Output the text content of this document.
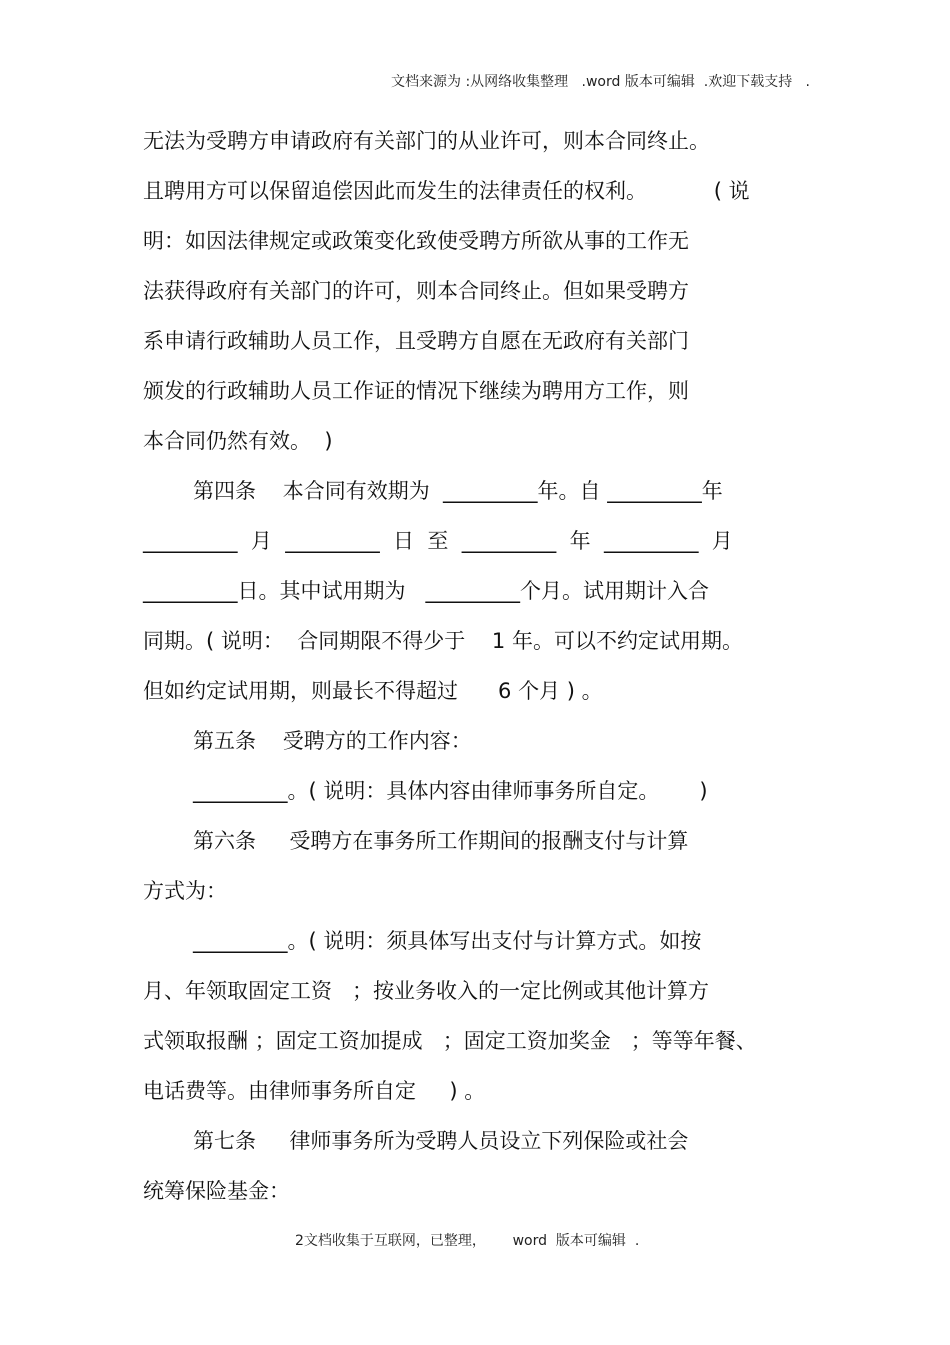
文档来源为 :从网络收集整理   .word 版本可编辑  .欢迎下载支持   .
无法为受聘方申请政府有关部门的从业许可，则本合同终止。
且聘用方可以保留追偿因此而发生的法律责任的权利。          ( 说
明：如因法律规定或政策变化致使受聘方所欲从事的工作无
法获得政府有关部门的许可，则本合同终止。但如果受聘方
系申请行政辅助人员工作，且受聘方自愿在无政府有关部门
颁发的行政辅助人员工作证的情况下继续为聘用方工作，则
本合同仍然有效。  )
第四条    本合同有效期为  _________年。自 _________年
_________  月  _________  日  至  _________  年  _________  月
_________日。其中试用期为   _________个月。试用期计入合
同期。( 说明：  合同期限不得少于    1 年。可以不约定试用期。
但如约定试用期，则最长不得超过      6 个月 ) 。
第五条    受聘方的工作内容：
_________。( 说明：具体内容由律师事务所自定。      )
第六条     受聘方在事务所工作期间的报酬支付与计算
方式为：
_________。( 说明：须具体写出支付与计算方式。如按
月、年领取固定工资   ；按业务收入的一定比例或其他计算方
式领取报酬 ；固定工资加提成   ；固定工资加奖金   ；等等年餐、
电话费等。由律师事务所自定     ) 。
第七条     律师事务所为受聘人员设立下列保险或社会
统筹保险基金：
2文档收集于互联网，已整理，      word  版本可编辑  .
